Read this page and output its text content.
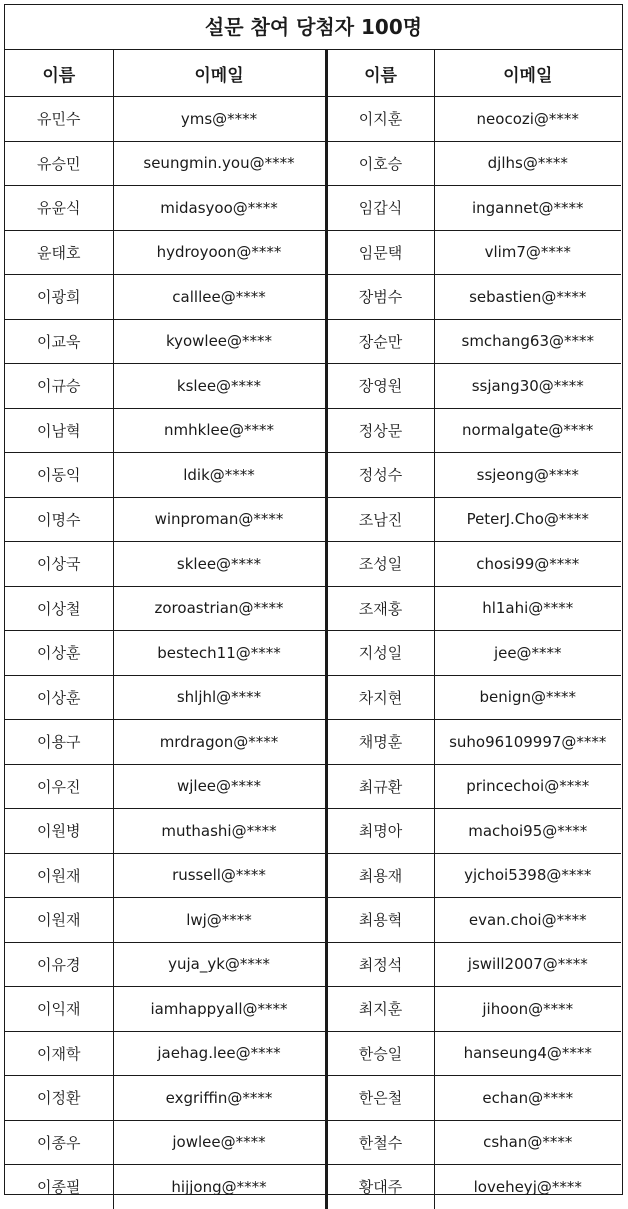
설문 참여 당첨자 100명
이름	이메일	이름	이메일
유민수	yms@****	이지훈	neocozi@****
유승민	seungmin.you@****	이호승	djlhs@****
유윤식	midasyoo@****	임갑식	ingannet@****
윤태호	hydroyoon@****	임문택	vlim7@****
이광희	calllee@****	장범수	sebastien@****
이교욱	kyowlee@****	장순만	smchang63@****
이규승	kslee@****	장영원	ssjang30@****
이남혁	nmhklee@****	정상문	normalgate@****
이동익	ldik@****	정성수	ssjeong@****
이명수	winproman@****	조남진	PeterJ.Cho@****
이상국	sklee@****	조성일	chosi99@****
이상철	zoroastrian@****	조재홍	hl1ahi@****
이상훈	bestech11@****	지성일	jee@****
이상훈	shljhl@****	차지현	benign@****
이용구	mrdragon@****	채명훈	suho96109997@****
이우진	wjlee@****	최규환	princechoi@****
이원병	muthashi@****	최명아	machoi95@****
이원재	russell@****	최용재	yjchoi5398@****
이원재	lwj@****	최용혁	evan.choi@****
이유경	yuja_yk@****	최정석	jswill2007@****
이익재	iamhappyall@****	최지훈	jihoon@****
이재학	jaehag.lee@****	한승일	hanseung4@****
이정환	exgriffin@****	한은철	echan@****
이종우	jowlee@****	한철수	cshan@****
이종필	hijjong@****	황대주	loveheyj@****
